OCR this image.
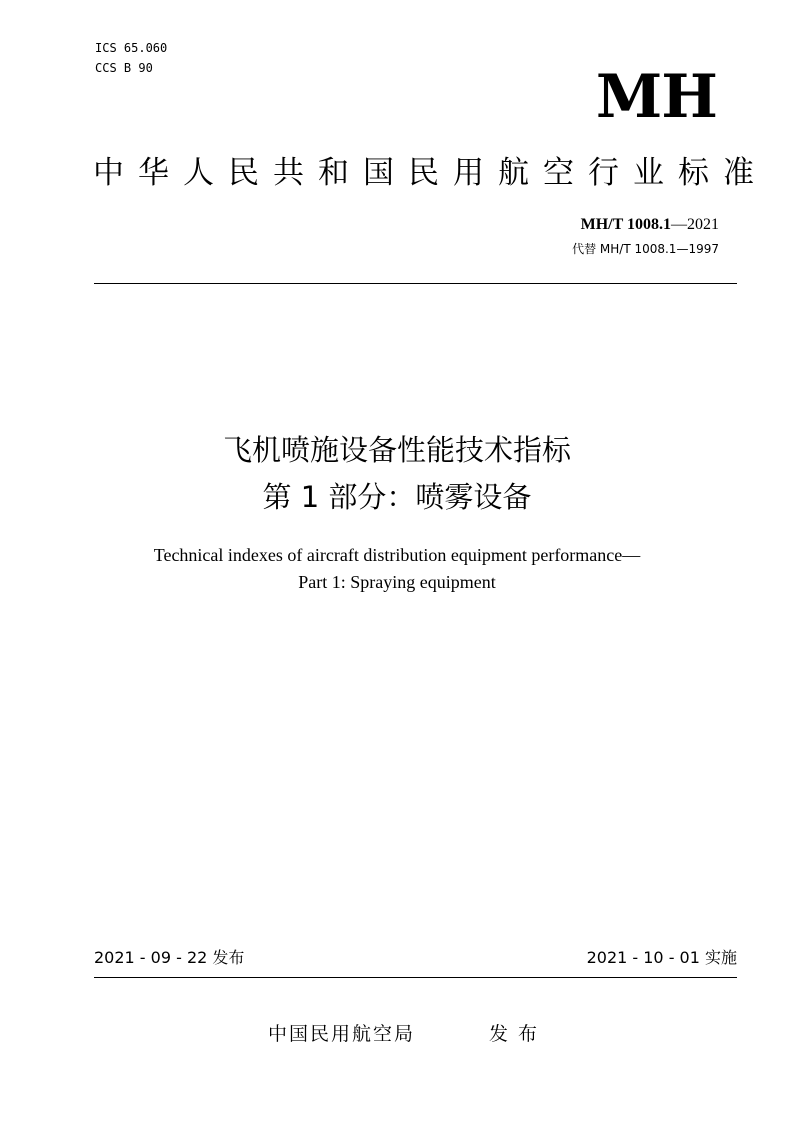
ICS 65.060
CCS B 90	MH
中华人民共和国民用航空行业标准
MH/T 1008.1—2021
代替 MH/T 1008.1—1997
飞机喷施设备性能技术指标
第 1 部分：喷雾设备
Technical indexes of aircraft distribution equipment performance—
Part 1: Spraying equipment
2021 - 09 - 22 发布	2021 - 10 - 01 实施
中国民用航空局	发布
